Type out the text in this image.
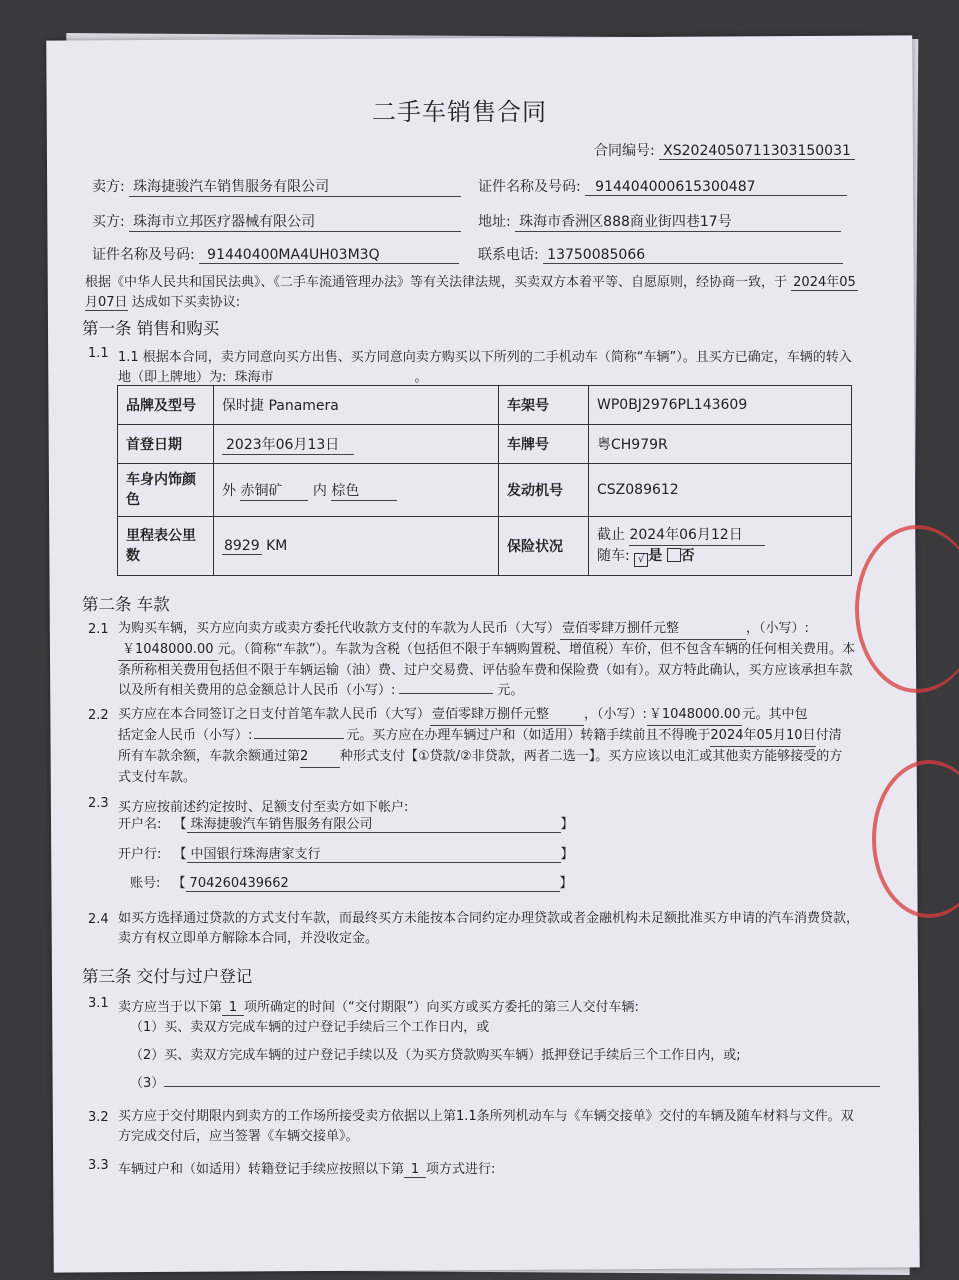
二手车销售合同
合同编号: XS2024050711303150031
卖方: 珠海捷骏汽车销售服务有限公司	证件名称及号码: 914404000615300487
买方: 珠海市立邦医疗器械有限公司	地址: 珠海市香洲区888商业街四巷17号
证件名称及号码: 91440400MA4UH03M3Q	联系电话: 13750085066
根据《中华人民共和国民法典》、《二手车流通管理办法》等有关法律法规，买卖双方本着平等、自愿原则，经协商一致，于 2024年05
月07日 达成如下买卖协议:
第一条 销售和购买
1.1 1.1 根据本合同，卖方同意向买方出售、买方同意向卖方购买以下所列的二手机动车（简称“车辆”）。且买方已确定，车辆的转入
地（即上牌地）为: 珠海市	。
品牌及型号	保时捷 Panamera	车架号	WP0BJ2976PL143609
首登日期	2023年06月13日	车牌号	粤CH979R
车身内饰颜色	外 赤铜矿 内 棕色	发动机号	CSZ089612
里程表公里数	8929 KM	保险状况	截止 2024年06月12日
随车: √ 是 否
第二条 车款
2.1 为购买车辆，买方应向卖方或卖方委托代收款方支付的车款为人民币（大写） 壹佰零肆万捌仟元整	，（小写）:
￥1048000.00 元。（简称“车款”）。车款为含税（包括但不限于车辆购置税、增值税）车价，但不包含车辆的任何相关费用。本
条所称相关费用包括但不限于车辆运输（油）费、过户交易费、评估验车费和保险费（如有）。双方特此确认，买方应该承担车款
以及所有相关费用的总金额总计人民币（小写）:	元。
2.2 买方应在本合同签订之日支付首笔车款人民币（大写） 壹佰零肆万捌仟元整	，（小写）: ￥1048000.00 元。其中包
括定金人民币（小写）:	元。买方应在办理车辆过户和（如适用）转籍手续前且不得晚于2024年05月10日付清
所有车款余额，车款余额通过第2 种形式支付【①贷款/②非贷款，两者二选一】。买方应该以电汇或其他卖方能够接受的方
式支付车款。
2.3 买方应按前述约定按时、足额支付至卖方如下帐户:
开户名: 【 珠海捷骏汽车销售服务有限公司	】
开户行: 【 中国银行珠海唐家支行	】
账号: 【 704260439662	】
2.4 如买方选择通过贷款的方式支付车款，而最终买方未能按本合同约定办理贷款或者金融机构未足额批准买方申请的汽车消费贷款，
卖方有权立即单方解除本合同，并没收定金。
第三条 交付与过户登记
3.1 卖方应当于以下第 1 项所确定的时间（“交付期限”）向买方或买方委托的第三人交付车辆:
（1）买、卖双方完成车辆的过户登记手续后三个工作日内，或
（2）买、卖双方完成车辆的过户登记手续以及（为买方贷款购买车辆）抵押登记手续后三个工作日内，或;
（3）
3.2 买方应于交付期限内到卖方的工作场所接受卖方依据以上第1.1条所列机动车与《车辆交接单》交付的车辆及随车材料与文件。双
方完成交付后，应当签署《车辆交接单》。
3.3 车辆过户和（如适用）转籍登记手续应按照以下第 1 项方式进行:
